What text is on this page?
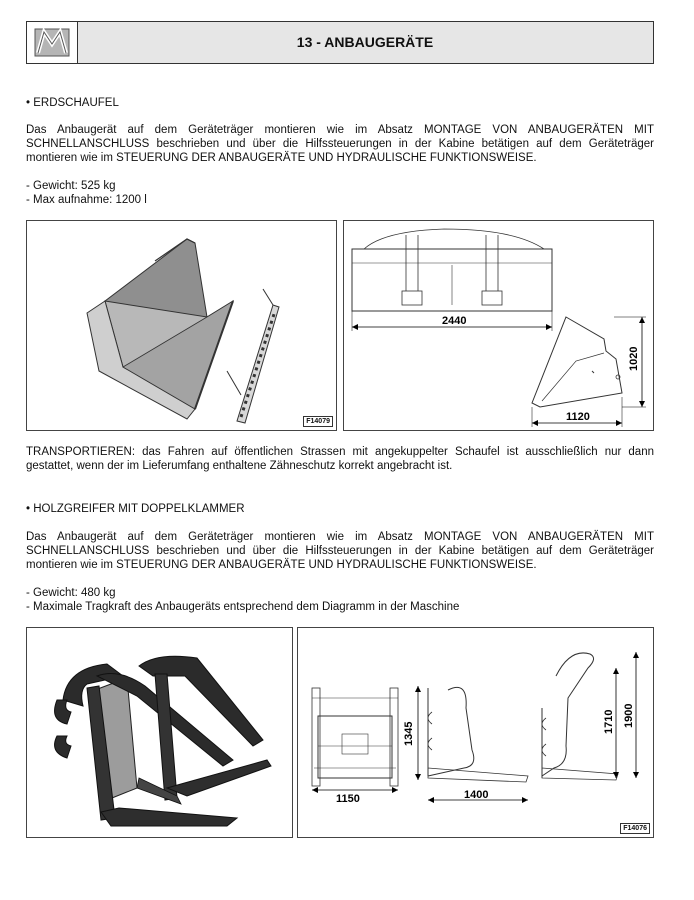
13 - ANBAUGERÄTE
• ERDSCHAUFEL
Das Anbaugerät auf dem Geräteträger montieren wie im Absatz MONTAGE VON ANBAUGERÄTEN MIT
SCHNELLANSCHLUSS beschrieben und über die Hilfssteuerungen in der Kabine betätigen auf dem Geräteträger
montieren wie im STEUERUNG DER ANBAUGERÄTE UND HYDRAULISCHE FUNKTIONSWEISE.
- Gewicht: 525 kg
- Max aufnahme: 1200 l
F14079
2440
1020
1120
TRANSPORTIEREN: das Fahren auf öffentlichen Strassen mit angekuppelter Schaufel ist ausschließlich nur dann
gestattet, wenn der im Lieferumfang enthaltene Zähneschutz korrekt angebracht ist.
• HOLZGREIFER MIT DOPPELKLAMMER
Das Anbaugerät auf dem Geräteträger montieren wie im Absatz MONTAGE VON ANBAUGERÄTEN MIT
SCHNELLANSCHLUSS beschrieben und über die Hilfssteuerungen in der Kabine betätigen auf dem Geräteträger
montieren wie im STEUERUNG DER ANBAUGERÄTE UND HYDRAULISCHE FUNKTIONSWEISE.
- Gewicht: 480 kg
- Maximale Tragkraft des Anbaugeräts entsprechend dem Diagramm in der Maschine
1150
1345
1400
1710 1900
F14076
